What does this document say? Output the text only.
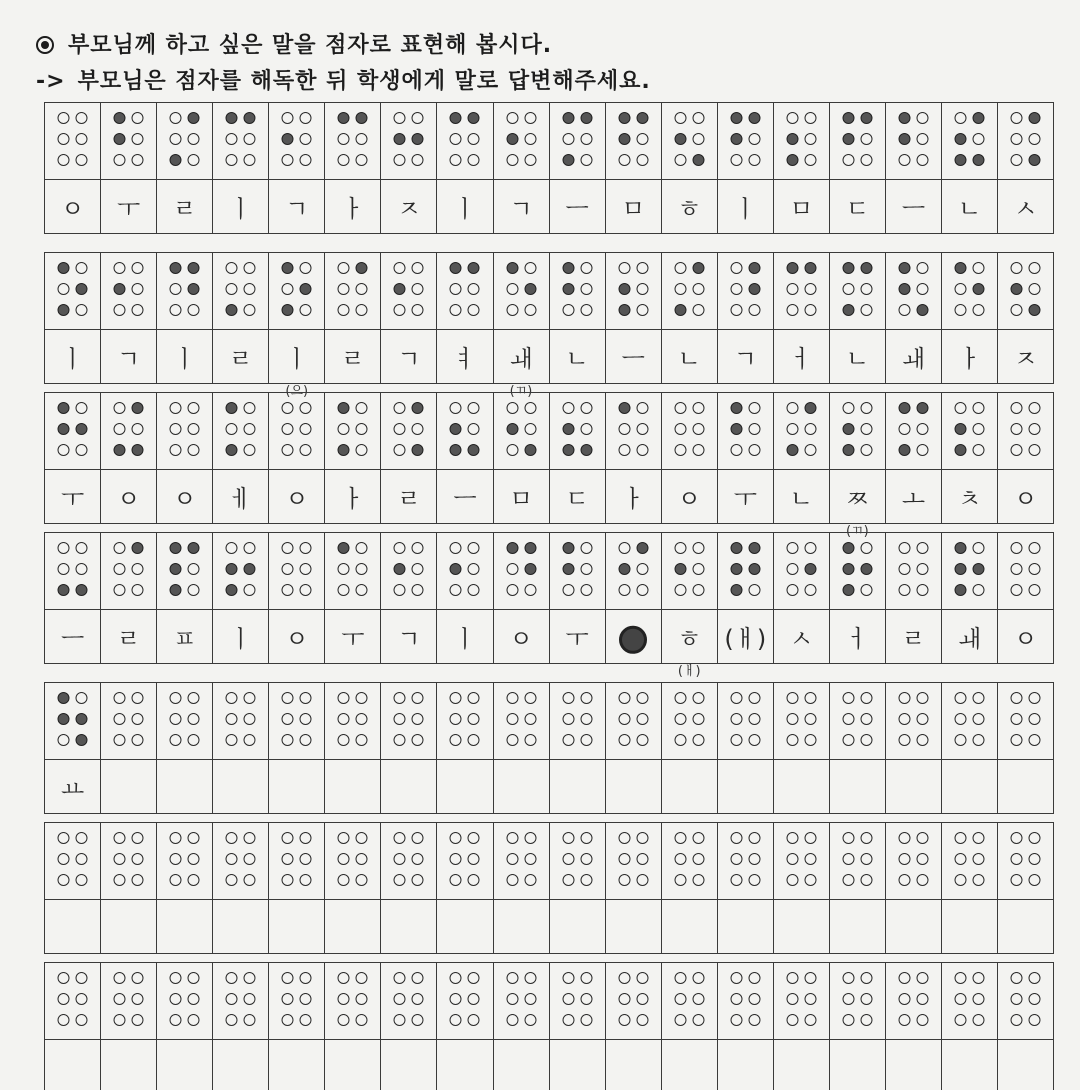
부모님께 하고 싶은 말을 점자로 표현해 봅시다.
-> 부모님은 점자를 해독한 뒤 학생에게 말로 답변해주세요.
ㅇ ㅜ ㄹ ㅣ ㄱ ㅏ ㅈ ㅣ ㄱ ㅡ ㅁ ㅎ ㅣ ㅁ ㄷ ㅡ ㄴ ㅅ
ㅣ ㄱ ㅣ ㄹ ㅣ
(으)
ㄹ ㄱ ㅕ ㅙ
(ㄲ)
ㄴ ㅡ ㄴ ㄱ ㅓ ㄴ ㅙ ㅏ ㅈ
ㅜ ㅇ ㅇ ㅔ ㅇ ㅏ ㄹ ㅡ ㅁ ㄷ ㅏ ㅇ ㅜ ㄴ ㅉ
(ㄲ)
ㅗ ㅊ ㅇ
ㅡ ㄹ ㅍ ㅣ ㅇ ㅜ ㄱ ㅣ ㅇ ㅜ	ㅎ
(ㅐ)
(ㅐ) ㅅ ㅓ ㄹ ㅙ ㅇ
ㅛ
